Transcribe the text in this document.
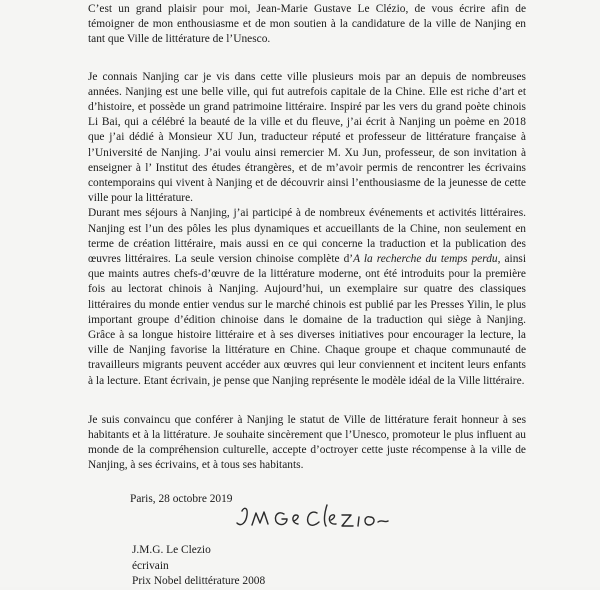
C’est un grand plaisir pour moi, Jean-Marie Gustave Le Clézio, de vous écrire afin de témoigner de mon enthousiasme et de mon soutien à la candidature de la ville de Nanjing en tant que Ville de littérature de l’Unesco.

Je connais Nanjing car je vis dans cette ville plusieurs mois par an depuis de nombreuses années. Nanjing est une belle ville, qui fut autrefois capitale de la Chine. Elle est riche d’art et d’histoire, et possède un grand patrimoine littéraire. Inspiré par les vers du grand poète chinois Li Bai, qui a célébré la beauté de la ville et du fleuve, j’ai écrit à Nanjing un poème en 2018 que j’ai dédié à Monsieur XU Jun, traducteur réputé et professeur de littérature française à l’Université de Nanjing. J’ai voulu ainsi remercier M. Xu Jun, professeur, de son invitation à enseigner à l’ Institut des études étrangères, et de m’avoir permis de rencontrer les écrivains contemporains qui vivent à Nanjing et de découvrir ainsi l’enthousiasme de la jeunesse de cette ville pour la littérature.

Durant mes séjours à Nanjing, j’ai participé à de nombreux événements et activités littéraires. Nanjing est l’un des pôles les plus dynamiques et accueillants de la Chine, non seulement en terme de création littéraire, mais aussi en ce qui concerne la traduction et la publication des œuvres littéraires. La seule version chinoise complète d’A la recherche du temps perdu, ainsi que maints autres chefs-d’œuvre de la littérature moderne, ont été introduits pour la première fois au lectorat chinois à Nanjing. Aujourd’hui, un exemplaire sur quatre des classiques littéraires du monde entier vendus sur le marché chinois est publié par les Presses Yilin, le plus important groupe d’édition chinoise dans le domaine de la traduction qui siège à Nanjing. Grâce à sa longue histoire littéraire et à ses diverses initiatives pour encourager la lecture, la ville de Nanjing favorise la littérature en Chine. Chaque groupe et chaque communauté de travailleurs migrants peuvent accéder aux œuvres qui leur conviennent et incitent leurs enfants à la lecture. Etant écrivain, je pense que Nanjing représente le modèle idéal de la Ville littéraire.

Je suis convaincu que conférer à Nanjing le statut de Ville de littérature ferait honneur à ses habitants et à la littérature. Je souhaite sincèrement que l’Unesco, promoteur le plus influent au monde de la compréhension culturelle, accepte d’octroyer cette juste récompense à la ville de Nanjing, à ses écrivains, et à tous ses habitants.

Paris, 28 octobre 2019
J.M.G. Le Clezio
écrivain
Prix Nobel delittérature 2008
